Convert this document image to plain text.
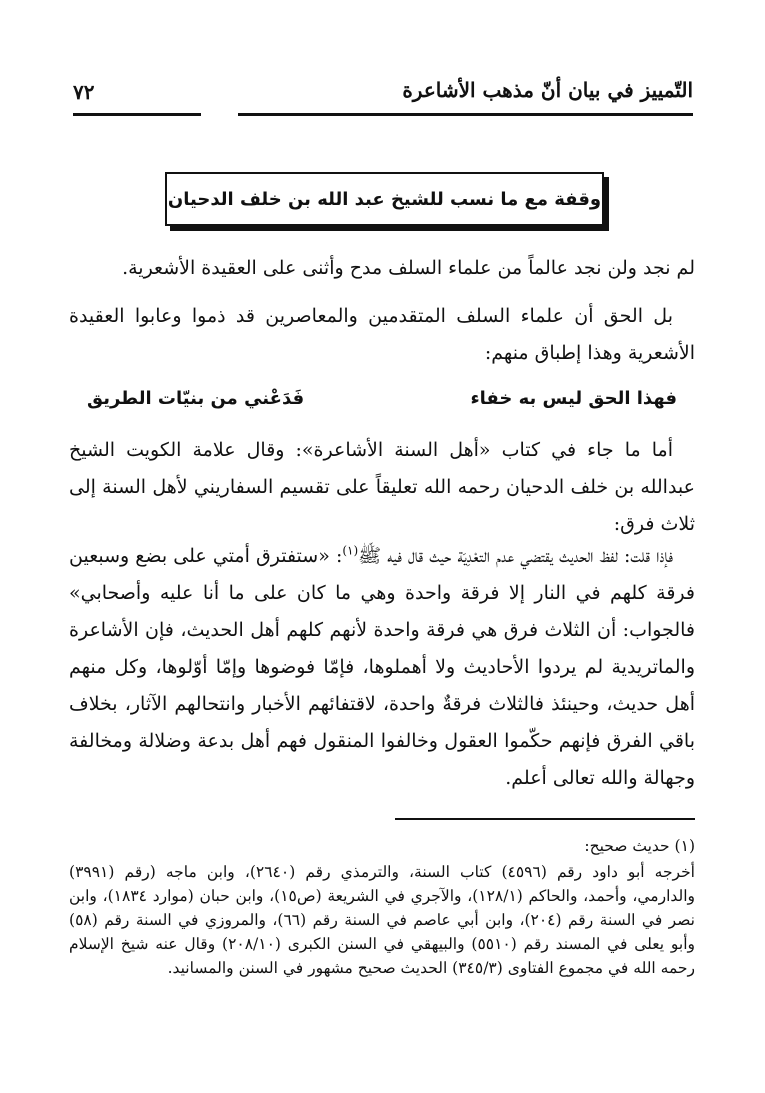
التّمييز في بيان أنّ مذهب الأشاعرة
٧٢
وقفة مع ما نسب للشيخ عبد الله بن خلف الدحيان
لم نجد ولن نجد عالماً من علماء السلف مدح وأثنى على العقيدة الأشعرية.
بل الحق أن علماء السلف المتقدمين والمعاصرين قد ذموا وعابوا العقيدة الأشعرية وهذا إطباق منهم:
فهذا الحق ليس به خفاء
فَدَعْني من بنيّات الطريق
أما ما جاء في كتاب «أهل السنة الأشاعرة»: وقال علامة الكويت الشيخ عبدالله بن خلف الدحيان رحمه الله تعليقاً على تقسيم السفاريني لأهل السنة إلى ثلاث فرق:
فإذا قلت: لفظ الحديث يقتضي عدم التعْدِيَة حيث قال فيه ﷺ$^{(١)}$: «ستفترق أمتي على بضع وسبعين فرقة كلهم في النار إلا فرقة واحدة وهي ما كان على ما أنا عليه وأصحابي» فالجواب: أن الثلاث فرق هي فرقة واحدة لأنهم كلهم أهل الحديث، فإن الأشاعرة والماتريدية لم يردوا الأحاديث ولا أهملوها، فإمّا فوضوها وإمّا أوّلوها، وكل منهم أهل حديث، وحينئذ فالثلاث فرقةٌ واحدة، لاقتفائهم الأخبار وانتحالهم الآثار، بخلاف باقي الفرق فإنهم حكّموا العقول وخالفوا المنقول فهم أهل بدعة وضلالة ومخالفة وجهالة والله تعالى أعلم.
(١) حديث صحيح:
أخرجه أبو داود رقم (٤٥٩٦) كتاب السنة، والترمذي رقم (٢٦٤٠)، وابن ماجه (رقم (٣٩٩١) والدارمي، وأحمد، والحاكم (١٢٨/١)، والآجري في الشريعة (ص١٥)، وابن حبان (موارد ١٨٣٤)، وابن نصر في السنة رقم (٢٠٤)، وابن أبي عاصم في السنة رقم (٦٦)، والمروزي في السنة رقم (٥٨) وأبو يعلى في المسند رقم (٥٥١٠) والبيهقي في السنن الكبرى (٢٠٨/١٠) وقال عنه شيخ الإسلام رحمه الله في مجموع الفتاوى (٣٤٥/٣) الحديث صحيح مشهور في السنن والمسانيد.
